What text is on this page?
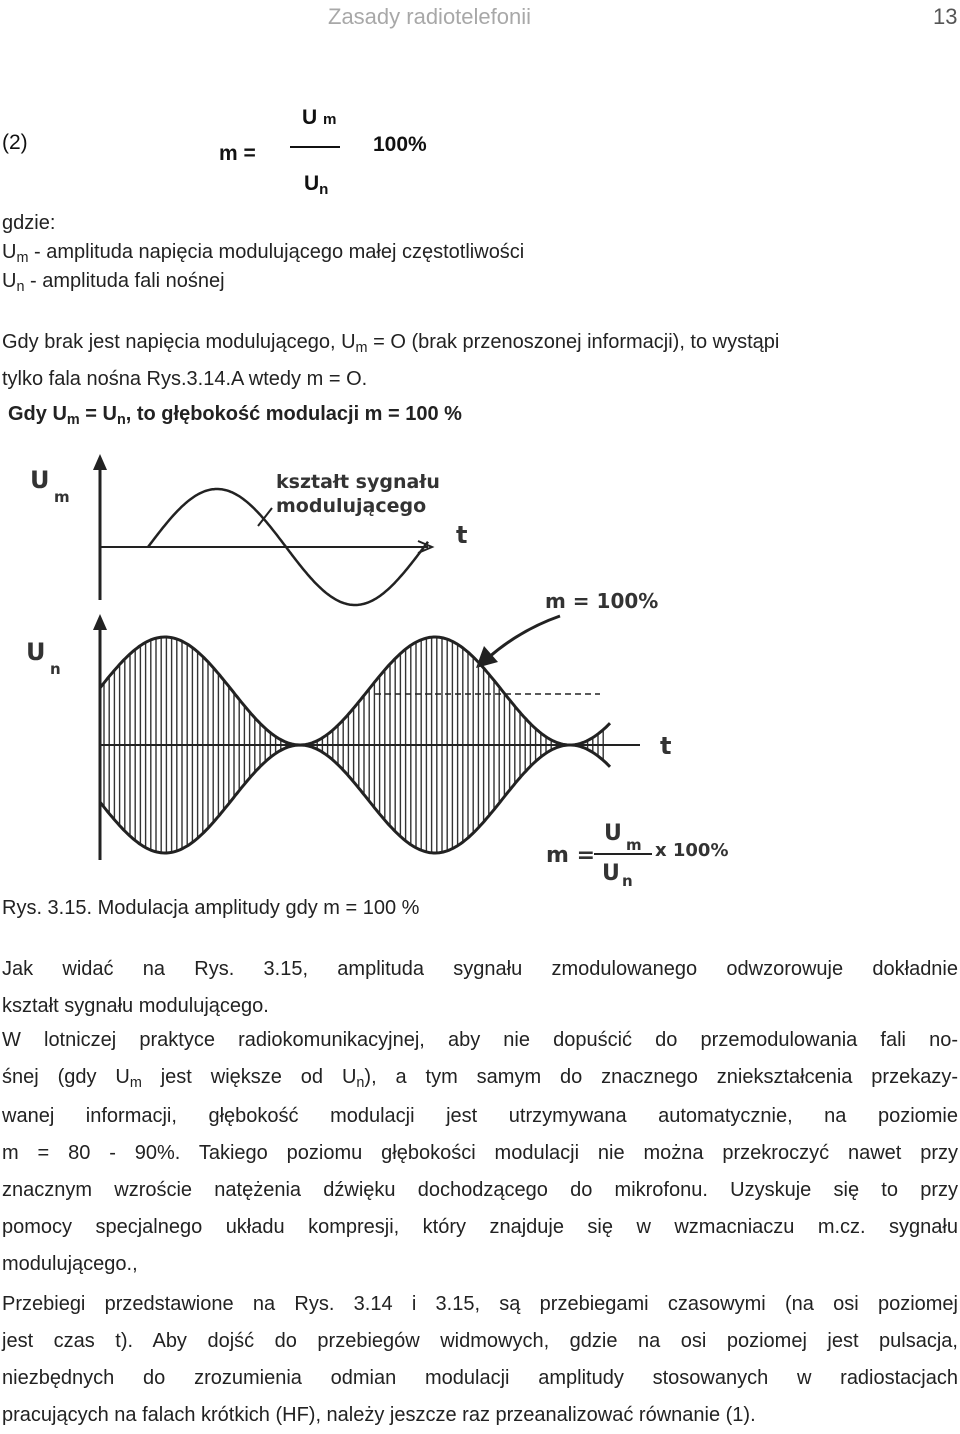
Zasady radiotelefonii	13
(2)	m =
U m
Un
100%
gdzie:
$U_m$ - amplituda napięcia modulującego małej częstotliwości
$U_n$ - amplituda fali nośnej
Gdy brak jest napięcia modulującego, $U_m = O$ (brak przenoszonej informacji), to wystąpi
tylko fala nośna Rys.3.14.A wtedy m = O.
Gdy $U_m = U_n$, to głębokość modulacji m = 100 %
U
m
kształt sygnału
modulującego
t
m = 100%
U
n
t
m =
U m
U n
x 100%
Rys. 3.15. Modulacja amplitudy gdy m = 100 %
Jak widać na Rys. 3.15, amplituda sygnału zmodulowanego odwzorowuje dokładnie
kształt sygnału modulującego.
W lotniczej praktyce radiokomunikacyjnej, aby nie dopuścić do przemodulowania fali no-
śnej (gdy $U_m$ jest większe od $U_n$), a tym samym do znacznego zniekształcenia przekazy-
wanej informacji, głębokość modulacji jest utrzymywana automatycznie, na poziomie
m = 80 - 90%. Takiego poziomu głębokości modulacji nie można przekroczyć nawet przy
znacznym wzroście natężenia dźwięku dochodzącego do mikrofonu. Uzyskuje się to przy
pomocy specjalnego układu kompresji, który znajduje się w wzmacniaczu m.cz. sygnału
modulującego.,
Przebiegi przedstawione na Rys. 3.14 i 3.15, są przebiegami czasowymi (na osi poziomej
jest czas t). Aby dojść do przebiegów widmowych, gdzie na osi poziomej jest pulsacja,
niezbędnych do zrozumienia odmian modulacji amplitudy stosowanych w radiostacjach
pracujących na falach krótkich (HF), należy jeszcze raz przeanalizować równanie (1).
